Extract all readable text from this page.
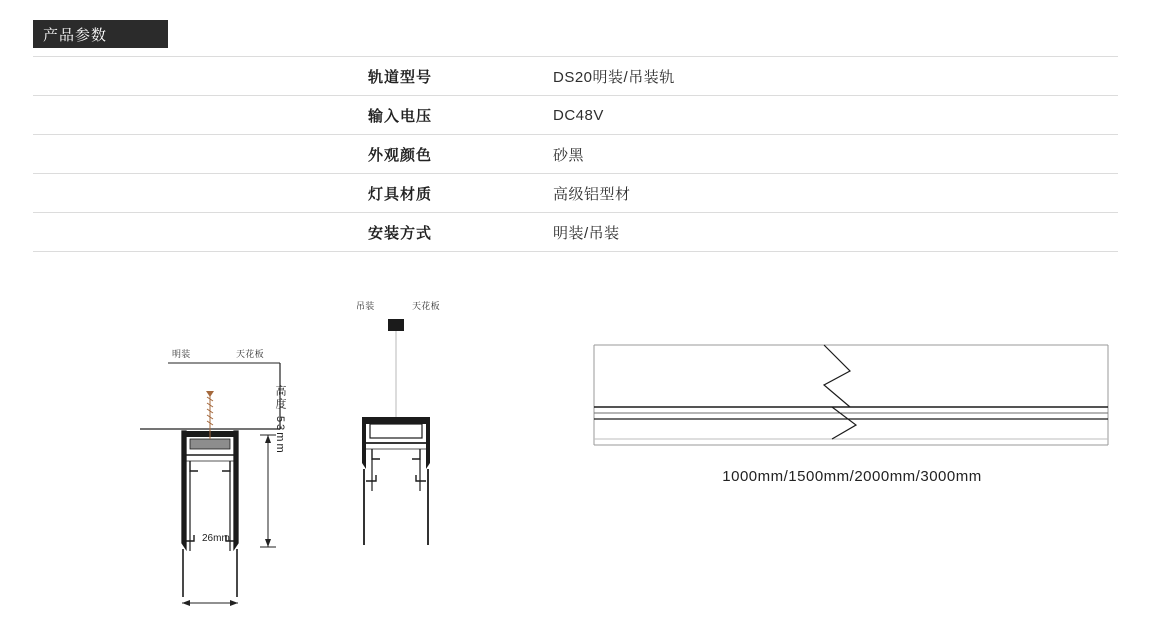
产品参数
	轨道型号	DS20明装/吊装轨
	输入电压	DC48V
	外观颜色	砂黑
	灯具材质	高级铝型材
	安装方式	明装/吊装
明装	天花板
26mm
高度 53mm
吊装	天花板
1000mm/1500mm/2000mm/3000mm
